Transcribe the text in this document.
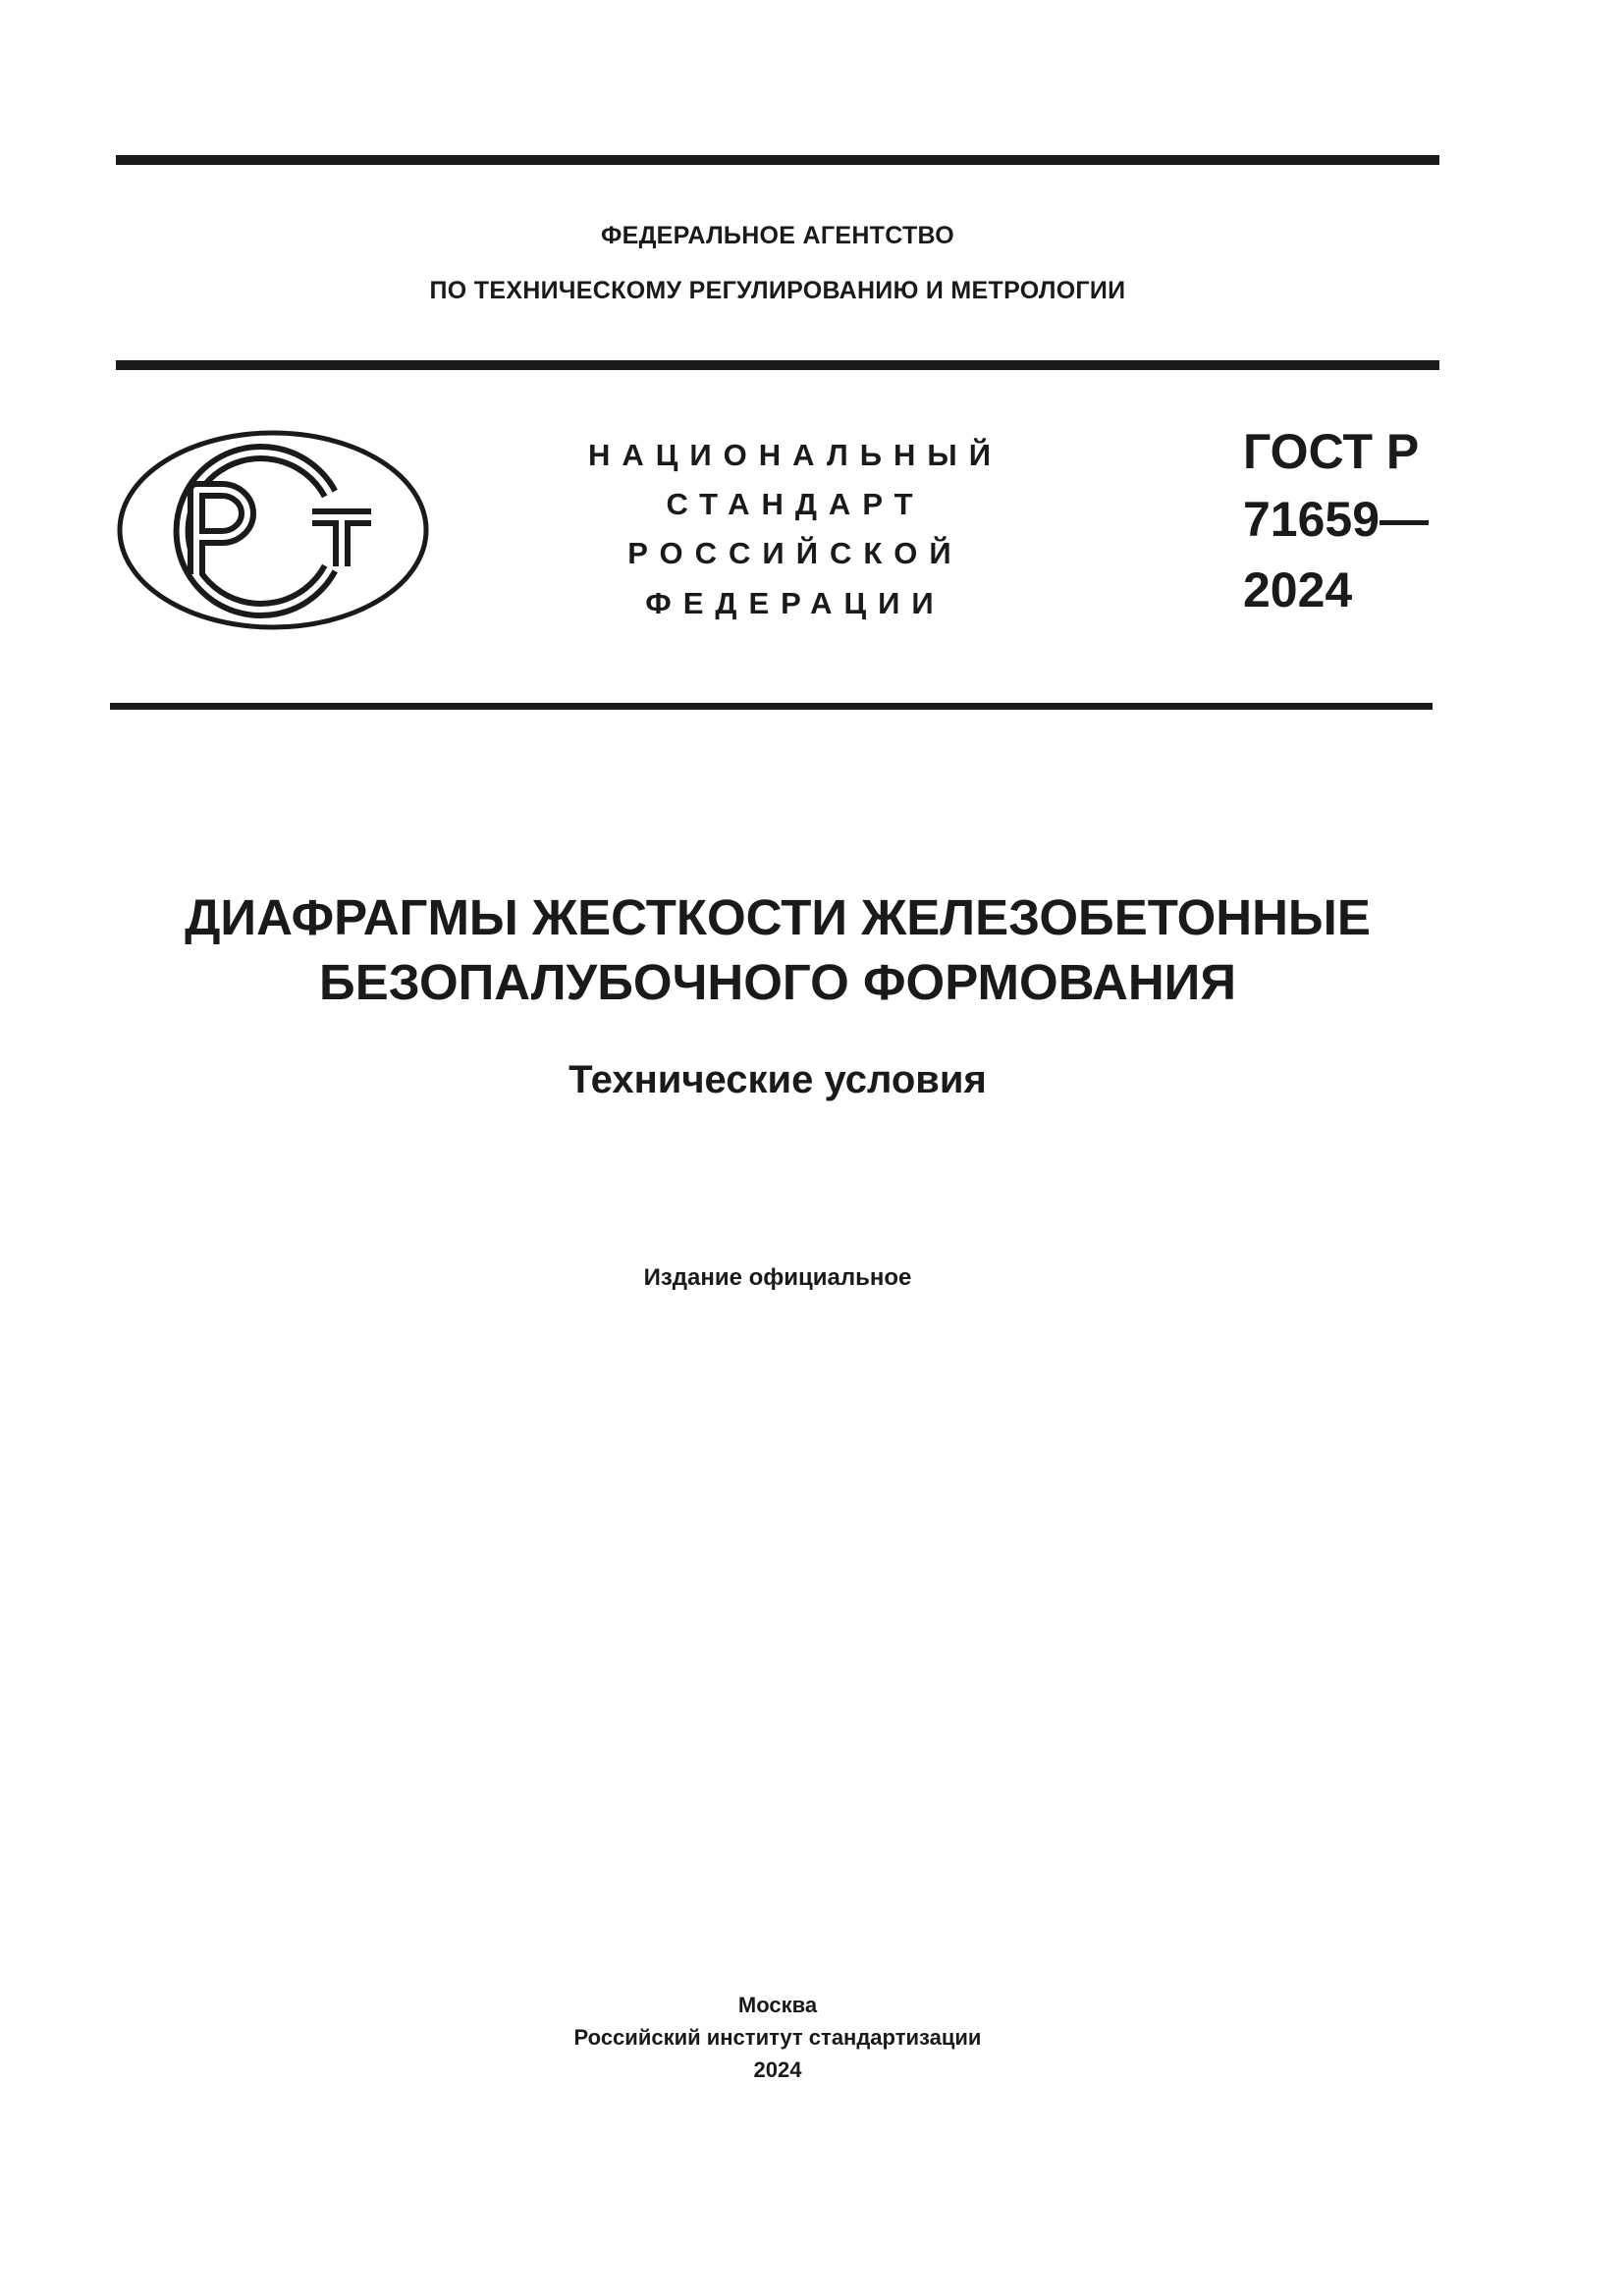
ФЕДЕРАЛЬНОЕ АГЕНТСТВО
ПО ТЕХНИЧЕСКОМУ РЕГУЛИРОВАНИЮ И МЕТРОЛОГИИ
НАЦИОНАЛЬНЫЙ
СТАНДАРТ
РОССИЙСКОЙ
ФЕДЕРАЦИИ
ГОСТ Р
71659—
2024
ДИАФРАГМЫ ЖЕСТКОСТИ ЖЕЛЕЗОБЕТОННЫЕ
БЕЗОПАЛУБОЧНОГО ФОРМОВАНИЯ
Технические условия
Издание официальное
Москва
Российский институт стандартизации
2024
